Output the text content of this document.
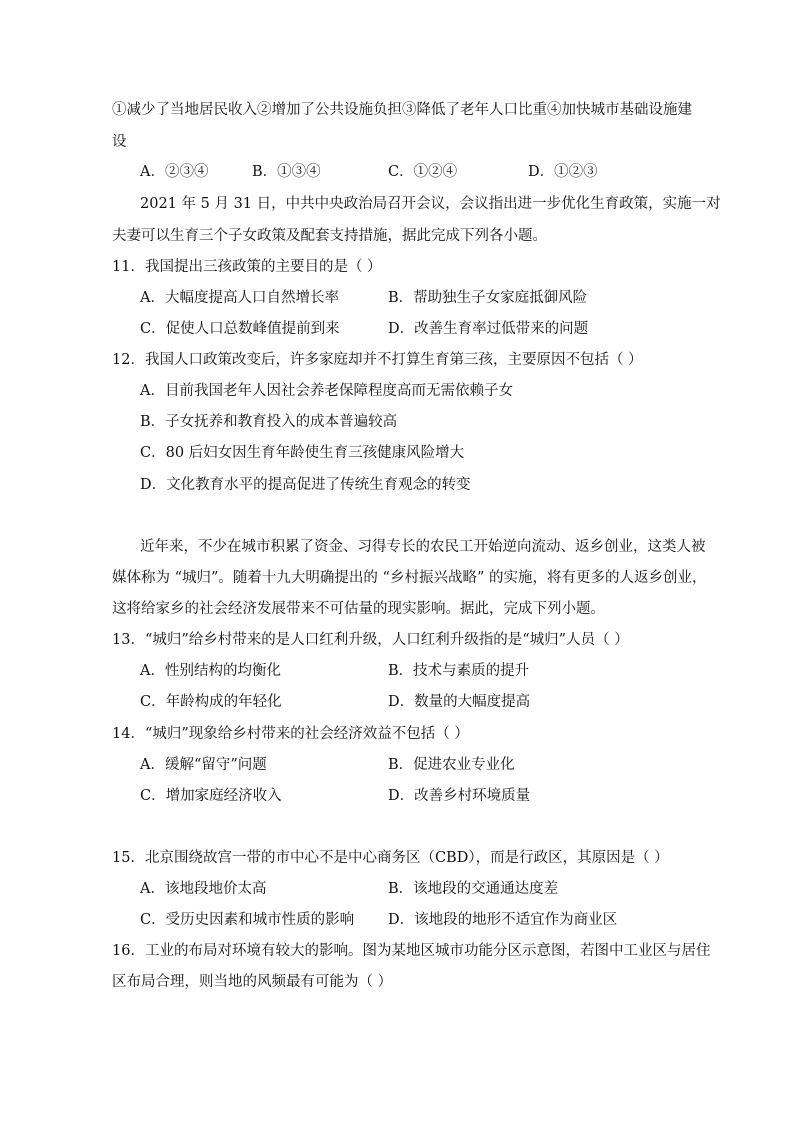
①减少了当地居民收入②增加了公共设施负担③降低了老年人口比重④加快城市基础设施建
设
A．②③④	B．①③④	C．①②④	D．①②③
2021 年 5 月 31 日，中共中央政治局召开会议，会议指出进一步优化生育政策，实施一对
夫妻可以生育三个子女政策及配套支持措施，据此完成下列各小题。
11．我国提出三孩政策的主要目的是（ ）
A．大幅度提高人口自然增长率	B．帮助独生子女家庭抵御风险
C．促使人口总数峰值提前到来	D．改善生育率过低带来的问题
12．我国人口政策改变后，许多家庭却并不打算生育第三孩，主要原因不包括（ ）
A．目前我国老年人因社会养老保障程度高而无需依赖子女
B．子女抚养和教育投入的成本普遍较高
C．80 后妇女因生育年龄使生育三孩健康风险增大
D．文化教育水平的提高促进了传统生育观念的转变
近年来，不少在城市积累了资金、习得专长的农民工开始逆向流动、返乡创业，这类人被
媒体称为 “城归”。随着十九大明确提出的 “乡村振兴战略” 的实施，将有更多的人返乡创业，
这将给家乡的社会经济发展带来不可估量的现实影响。据此，完成下列小题。
13．“城归”给乡村带来的是人口红利升级，人口红利升级指的是“城归”人员（ ）
A．性别结构的均衡化	B．技术与素质的提升
C．年龄构成的年轻化	D．数量的大幅度提高
14．“城归”现象给乡村带来的社会经济效益不包括（ ）
A．缓解“留守”问题	B．促进农业专业化
C．增加家庭经济收入	D．改善乡村环境质量
15．北京围绕故宫一带的市中心不是中心商务区（CBD），而是行政区，其原因是（ ）
A．该地段地价太高	B．该地段的交通通达度差
C．受历史因素和城市性质的影响 D．该地段的地形不适宜作为商业区
16．工业的布局对环境有较大的影响。图为某地区城市功能分区示意图，若图中工业区与居住
区布局合理，则当地的风频最有可能为（ ）
